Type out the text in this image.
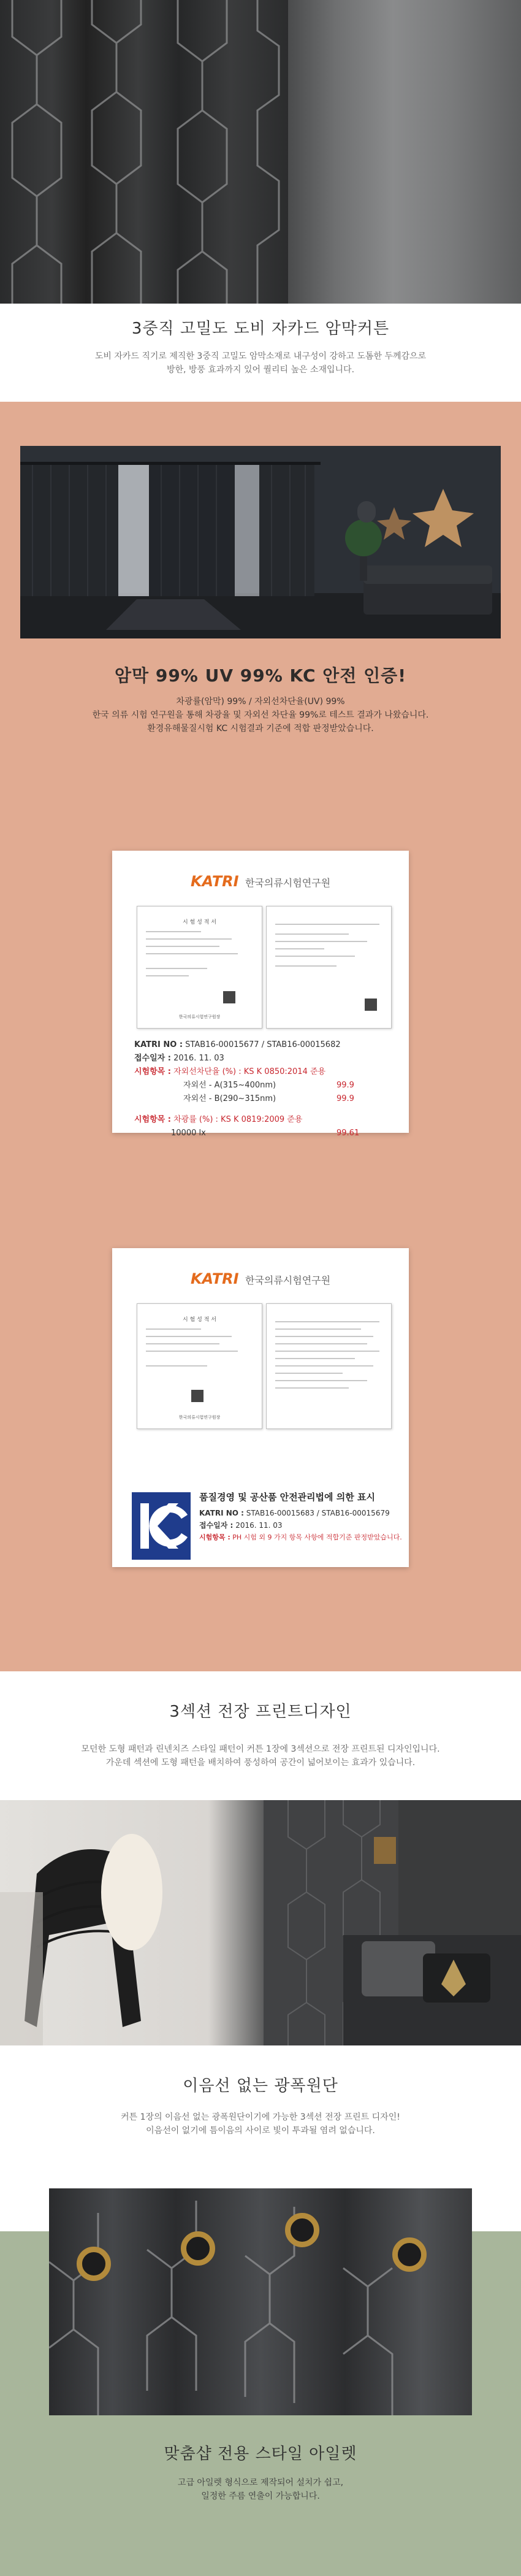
3중직 고밀도 도비 자카드 암막커튼
도비 자카드 직기로 제직한 3중직 고밀도 암막소재로 내구성이 강하고 도톰한 두께감으로
방한, 방풍 효과까지 있어 퀄리티 높은 소재입니다.
암막 99% UV 99% KC 안전 인증!
차광률(암막) 99% / 자외선차단율(UV) 99%
한국 의류 시험 연구원을 통해 차광율 및 자외선 차단율 99%로 테스트 결과가 나왔습니다.
환경유해물질시험 KC 시험결과 기준에 적합 판정받았습니다.
KATRI 한국의류시험연구원
시 험 성 적 서
한국의류시험연구원장
KATRI NO : STAB16-00015677 / STAB16-00015682
접수일자 : 2016. 11. 03
시험항목 : 자외선차단율 (%) : KS K 0850:2014 준용
자외선 - A(315~400nm)	99.9
자외선 - B(290~315nm)	99.9
시험항목 : 차광률 (%) : KS K 0819:2009 준용
10000 lx	99.61
KATRI 한국의류시험연구원
시 험 성 적 서
한국의류시험연구원장
품질경영 및 공산품 안전관리법에 의한 표시
KATRI NO : STAB16-00015683 / STAB16-00015679
접수일자 : 2016. 11. 03
시험항목 : PH 시험 외 9 가지 항목 사항에 적합기준 판정받았습니다.
3섹션 전장 프린트디자인
모던한 도형 패턴과 린넨치즈 스타일 패턴이 커튼 1장에 3섹션으로 전장 프린트된 디자인입니다.
가운데 섹션에 도형 패턴을 배치하여 풍성하여 공간이 넓어보이는 효과가 있습니다.
이음선 없는 광폭원단
커튼 1장의 이음선 없는 광폭원단이기에 가능한 3섹션 전장 프린트 디자인!
이음선이 없기에 틈이음의 사이로 빛이 투과될 염려 없습니다.
맞춤샵 전용 스타일 아일렛
고급 아일렛 형식으로 제작되어 설치가 쉽고,
일정한 주름 연출이 가능합니다.
